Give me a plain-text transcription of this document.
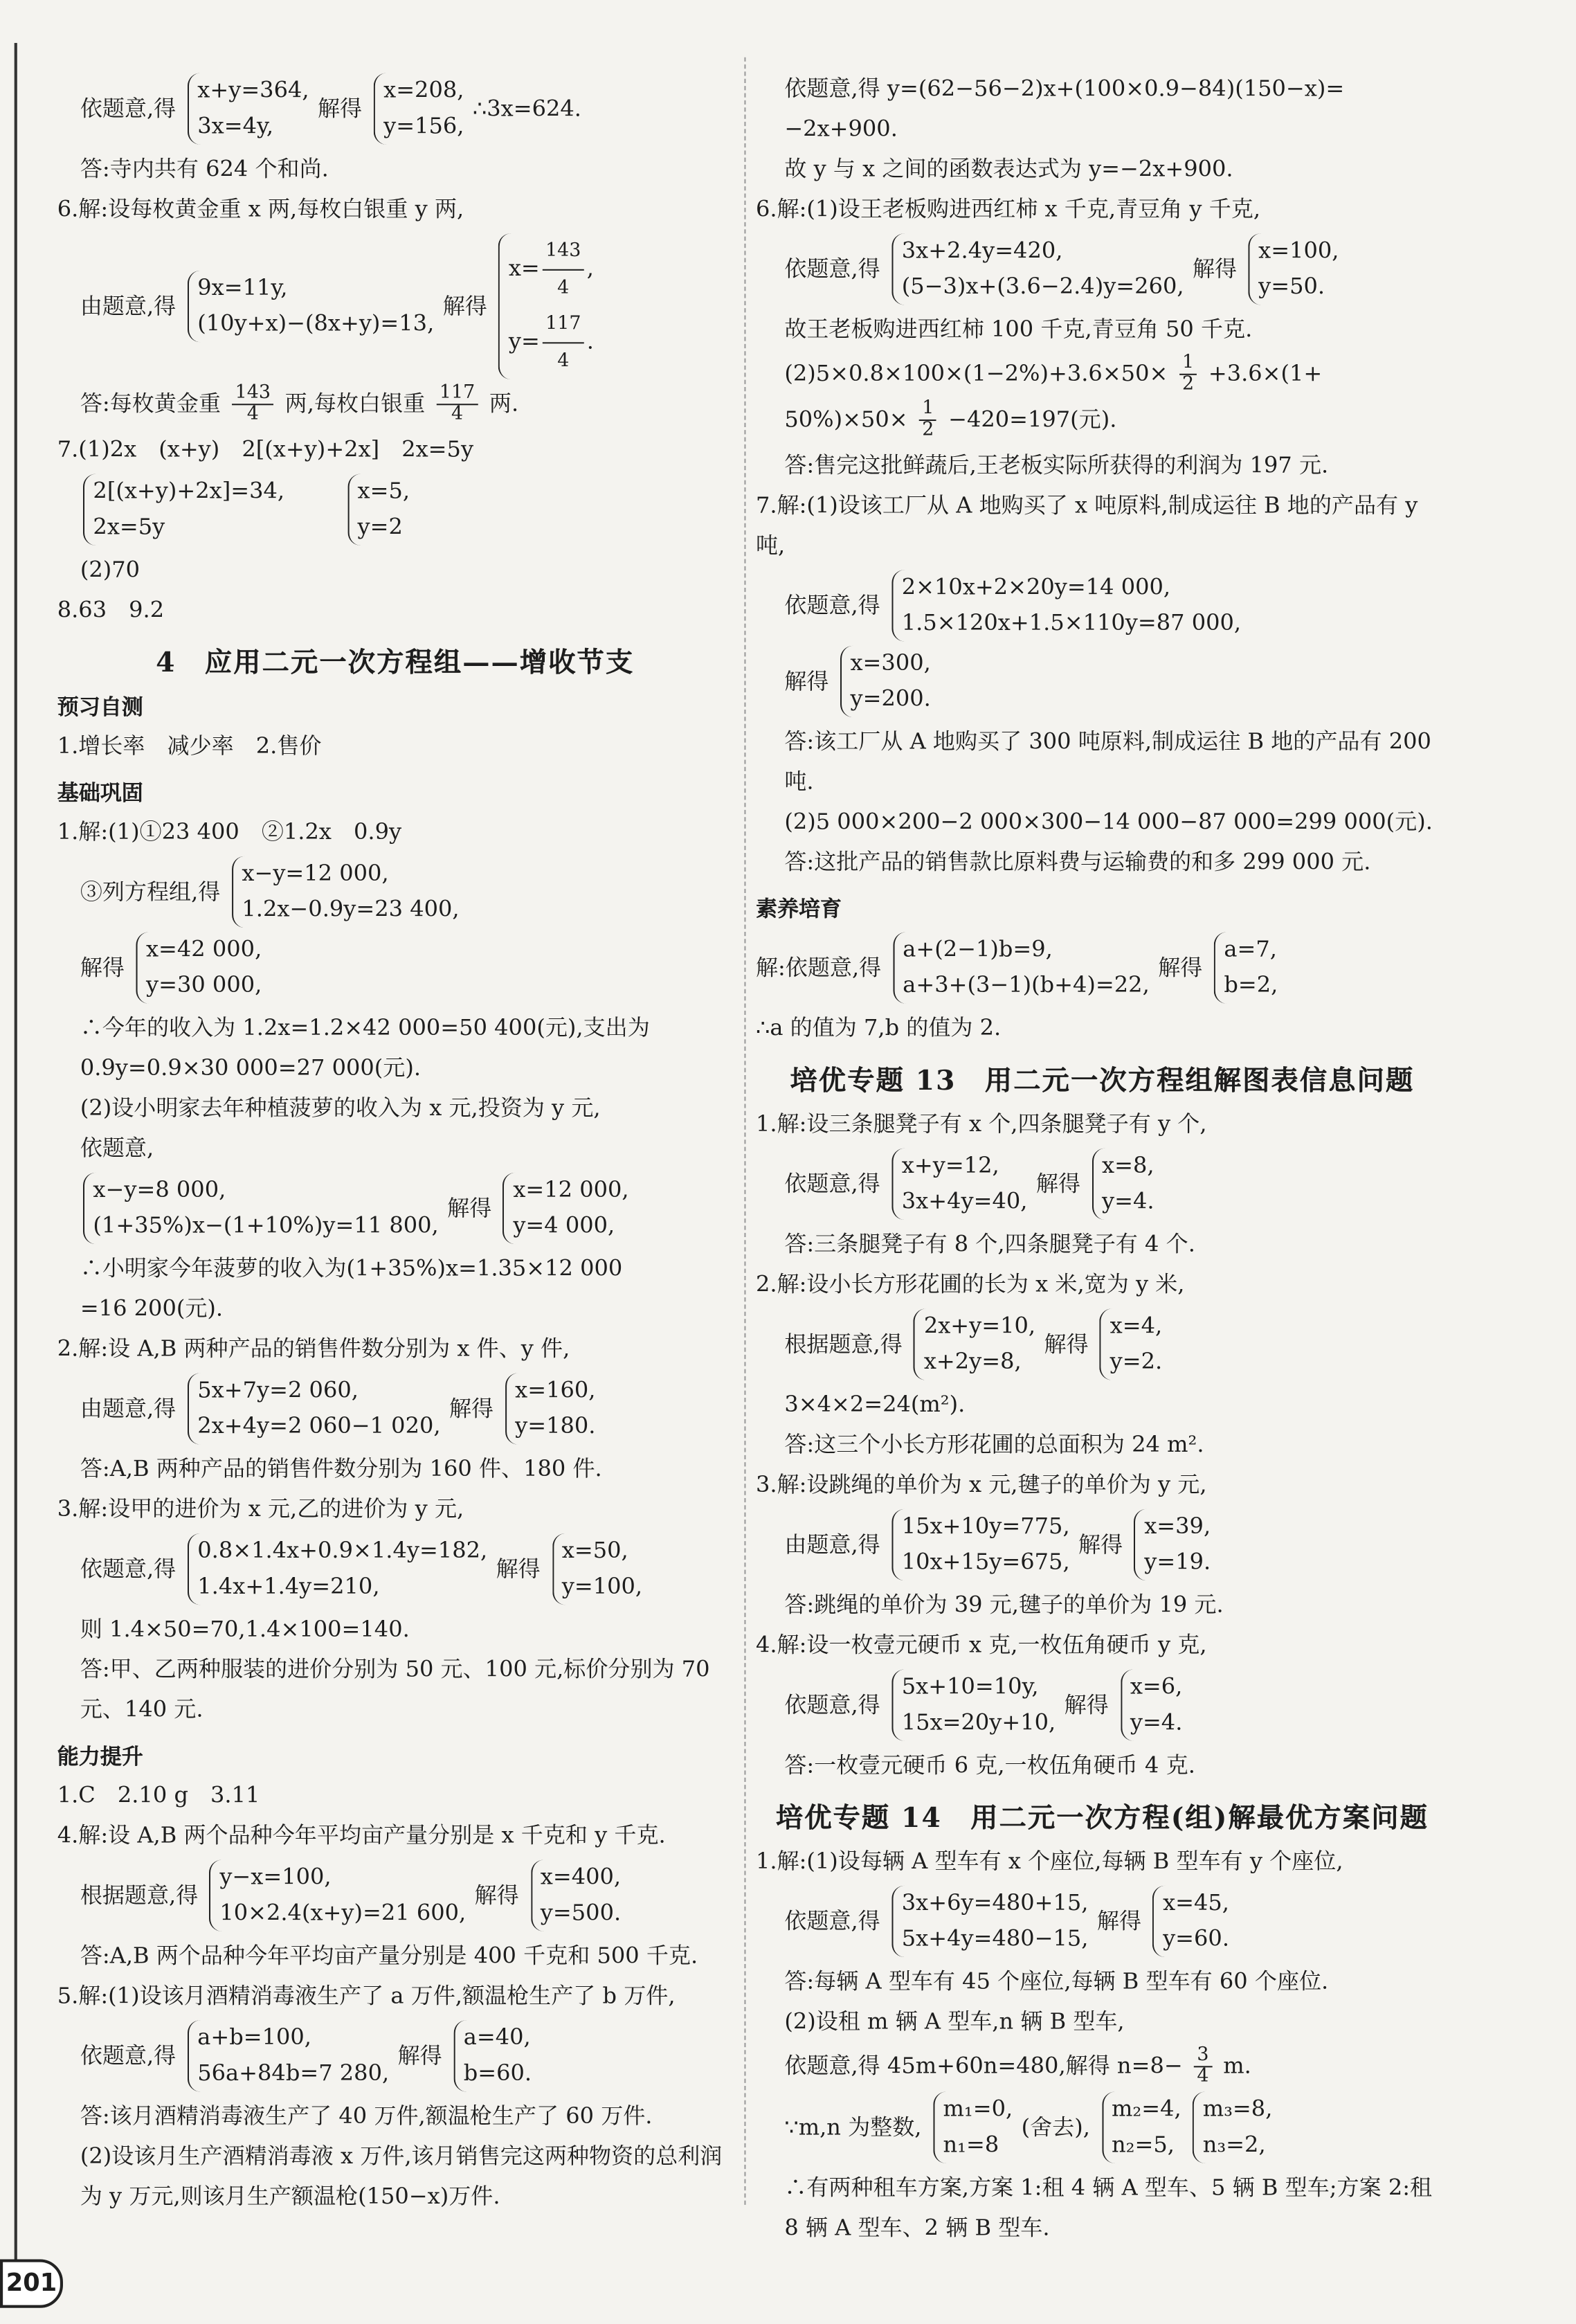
依题意,得
x+y=364,
3x=4y,
解得
x=208,
y=156,
∴3x=624.

答:寺内共有 624 个和尚.

6.解:设每枚黄金重 x 两,每枚白银重 y 两,

由题意,得
9x=11y,
(10y+x)−(8x+y)=13,
解得
$x= \frac{143}{4}$ ,
$y= \frac{117}{4}$ .
答:每枚黄金重 $\frac{143}{4}$ 两,每枚白银重 $\frac{117}{4}$ 两.

7.(1)2x　(x+y)　2[(x+y)+2x]　2x=5y

2[(x+y)+2x]=34,
2x=5y
x=5,
y=2

(2)70

8.63　9.2

4　应用二元一次方程组——增收节支
预习自测

1.增长率　减少率　2.售价

基础巩固

1.解:(1)①23 400　②1.2x　0.9y

③列方程组,得
x−y=12 000,
1.2x−0.9y=23 400,
解得
x=42 000,
y=30 000,

∴今年的收入为 1.2x=1.2×42 000=50 400(元),支出为

0.9y=0.9×30 000=27 000(元).

(2)设小明家去年种植菠萝的收入为 x 元,投资为 y 元,

依题意,

x−y=8 000,
(1+35%)x−(1+10%)y=11 800,
解得
x=12 000,
y=4 000,

∴小明家今年菠萝的收入为(1+35%)x=1.35×12 000

=16 200(元).

2.解:设 A,B 两种产品的销售件数分别为 x 件、y 件,

由题意,得
5x+7y=2 060,
2x+4y=2 060−1 020,
解得
x=160,
y=180.

答:A,B 两种产品的销售件数分别为 160 件、180 件.

3.解:设甲的进价为 x 元,乙的进价为 y 元,

依题意,得
0.8×1.4x+0.9×1.4y=182,
1.4x+1.4y=210,
解得
x=50,
y=100,

则 1.4×50=70,1.4×100=140.

答:甲、乙两种服装的进价分别为 50 元、100 元,标价分别为 70 元、140 元.

能力提升

1.C　2.10 g　3.11

4.解:设 A,B 两个品种今年平均亩产量分别是 x 千克和 y 千克.

根据题意,得
y−x=100,
10×2.4(x+y)=21 600,
解得
x=400,
y=500.

答:A,B 两个品种今年平均亩产量分别是 400 千克和 500 千克.

5.解:(1)设该月酒精消毒液生产了 a 万件,额温枪生产了 b 万件,

依题意,得
a+b=100,
56a+84b=7 280,
解得
a=40,
b=60.

答:该月酒精消毒液生产了 40 万件,额温枪生产了 60 万件.

(2)设该月生产酒精消毒液 x 万件,该月销售完这两种物资的总利润为 y 万元,则该月生产额温枪(150−x)万件.

依题意,得 y=(62−56−2)x+(100×0.9−84)(150−x)=

−2x+900.

故 y 与 x 之间的函数表达式为 y=−2x+900.

6.解:(1)设王老板购进西红柿 x 千克,青豆角 y 千克,

依题意,得
3x+2.4y=420,
(5−3)x+(3.6−2.4)y=260,
解得
x=100,
y=50.

故王老板购进西红柿 100 千克,青豆角 50 千克.

$(2)5\times 0.8\times 100\times(1-2\%)+3.6\times 50\times \frac{1}{2} +3.6\times(1+$
$50\%)\times 50\times \frac{1}{2} -420=197$(元).

答:售完这批鲜蔬后,王老板实际所获得的利润为 197 元.

7.解:(1)设该工厂从 A 地购买了 x 吨原料,制成运往 B 地的产品有 y 吨,

依题意,得
2×10x+2×20y=14 000,
1.5×120x+1.5×110y=87 000,
解得
x=300,
y=200.

答:该工厂从 A 地购买了 300 吨原料,制成运往 B 地的产品有 200 吨.

(2)5 000×200−2 000×300−14 000−87 000=299 000(元).

答:这批产品的销售款比原料费与运输费的和多 299 000 元.

素养培育
解:依题意,得
a+(2−1)b=9,
a+3+(3−1)(b+4)=22,
解得
a=7,
b=2,

∴a 的值为 7,b 的值为 2.

培优专题 13　用二元一次方程组解图表信息问题

1.解:设三条腿凳子有 x 个,四条腿凳子有 y 个,

依题意,得
x+y=12,
3x+4y=40,
解得
x=8,
y=4.

答:三条腿凳子有 8 个,四条腿凳子有 4 个.

2.解:设小长方形花圃的长为 x 米,宽为 y 米,

根据题意,得
2x+y=10,
x+2y=8,
解得
x=4,
y=2.

3×4×2=24(m²).

答:这三个小长方形花圃的总面积为 24 m².

3.解:设跳绳的单价为 x 元,毽子的单价为 y 元,

由题意,得
15x+10y=775,
10x+15y=675,
解得
x=39,
y=19.

答:跳绳的单价为 39 元,毽子的单价为 19 元.

4.解:设一枚壹元硬币 x 克,一枚伍角硬币 y 克,

依题意,得
5x+10=10y,
15x=20y+10,
解得
x=6,
y=4.

答:一枚壹元硬币 6 克,一枚伍角硬币 4 克.

培优专题 14　用二元一次方程(组)解最优方案问题

1.解:(1)设每辆 A 型车有 x 个座位,每辆 B 型车有 y 个座位,

依题意,得
3x+6y=480+15,
5x+4y=480−15,
解得
x=45,
y=60.

答:每辆 A 型车有 45 个座位,每辆 B 型车有 60 个座位.

(2)设租 m 辆 A 型车,n 辆 B 型车,

依题意,得 45m+60n=480,解得 $n=8- \frac{3}{4} m$.
∵m,n 为整数,
m₁=0,
n₁=8
(舍去),
m₂=4,
n₂=5,
m₃=8,
n₃=2,

∴有两种租车方案,方案 1:租 4 辆 A 型车、5 辆 B 型车;方案 2:租 8 辆 A 型车、2 辆 B 型车.

201
